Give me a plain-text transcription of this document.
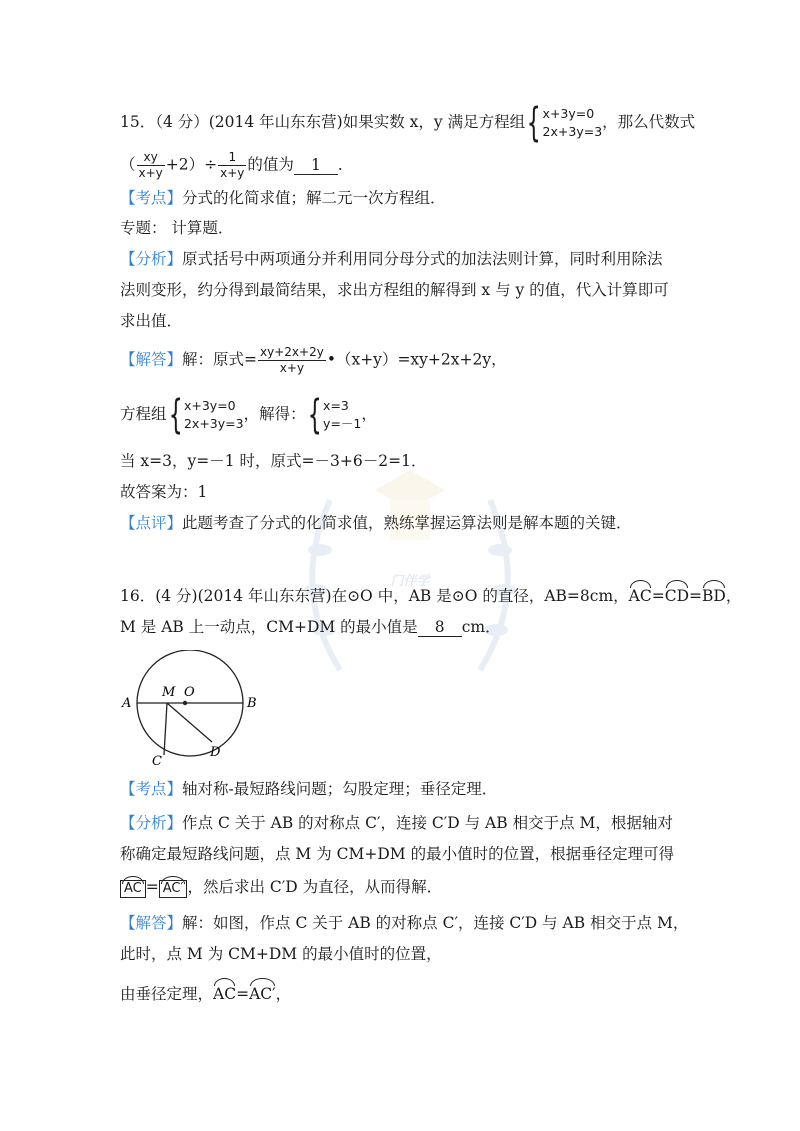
门伴学
15．（4 分）(2014 年山东东营)如果实数 x，y 满足方程组 { x+3y=0
2x+3y=3
，那么代数式
（ $\frac{xy}{x+y} +2)\div \frac{1}{x+y}$ 的值为 1 ．
【考点】分式的化简求值；解二元一次方程组．
专题： 计算题．
【分析】原式括号中两项通分并利用同分母分式的加法法则计算，同时利用除法
法则变形，约分得到最简结果，求出方程组的解得到 x 与 y 的值，代入计算即可
求出值．
【解答】解：原式= $\frac{xy+2x+2y}{x+y}$ •（x+y）=xy+2x+2y，
方程组 { x+3y=0
2x+3y=3
，解得： { x=3
y=－1
，
当 x=3，y=－1 时，原式=－3+6－2=1．
故答案为：1
【点评】此题考查了分式的化简求值，熟练掌握运算法则是解本题的关键．
16．(4 分)(2014 年山东东营)在⊙O 中，AB 是⊙O 的直径，AB=8cm，AC=CD=BD，
M 是 AB 上一动点，CM+DM 的最小值是 8 cm．
A	B
M O
C
D
【考点】轴对称-最短路线问题；勾股定理；垂径定理．
【分析】作点 C 关于 AB 的对称点 C′，连接 C′D 与 AB 相交于点 M，根据轴对
称确定最短路线问题，点 M 为 CM+DM 的最小值时的位置，根据垂径定理可得
AC = AC′ ，然后求出 C′D 为直径，从而得解．
【解答】解：如图，作点 C 关于 AB 的对称点 C′，连接 C′D 与 AB 相交于点 M，
此时，点 M 为 CM+DM 的最小值时的位置，
由垂径定理，AC=AC′，
